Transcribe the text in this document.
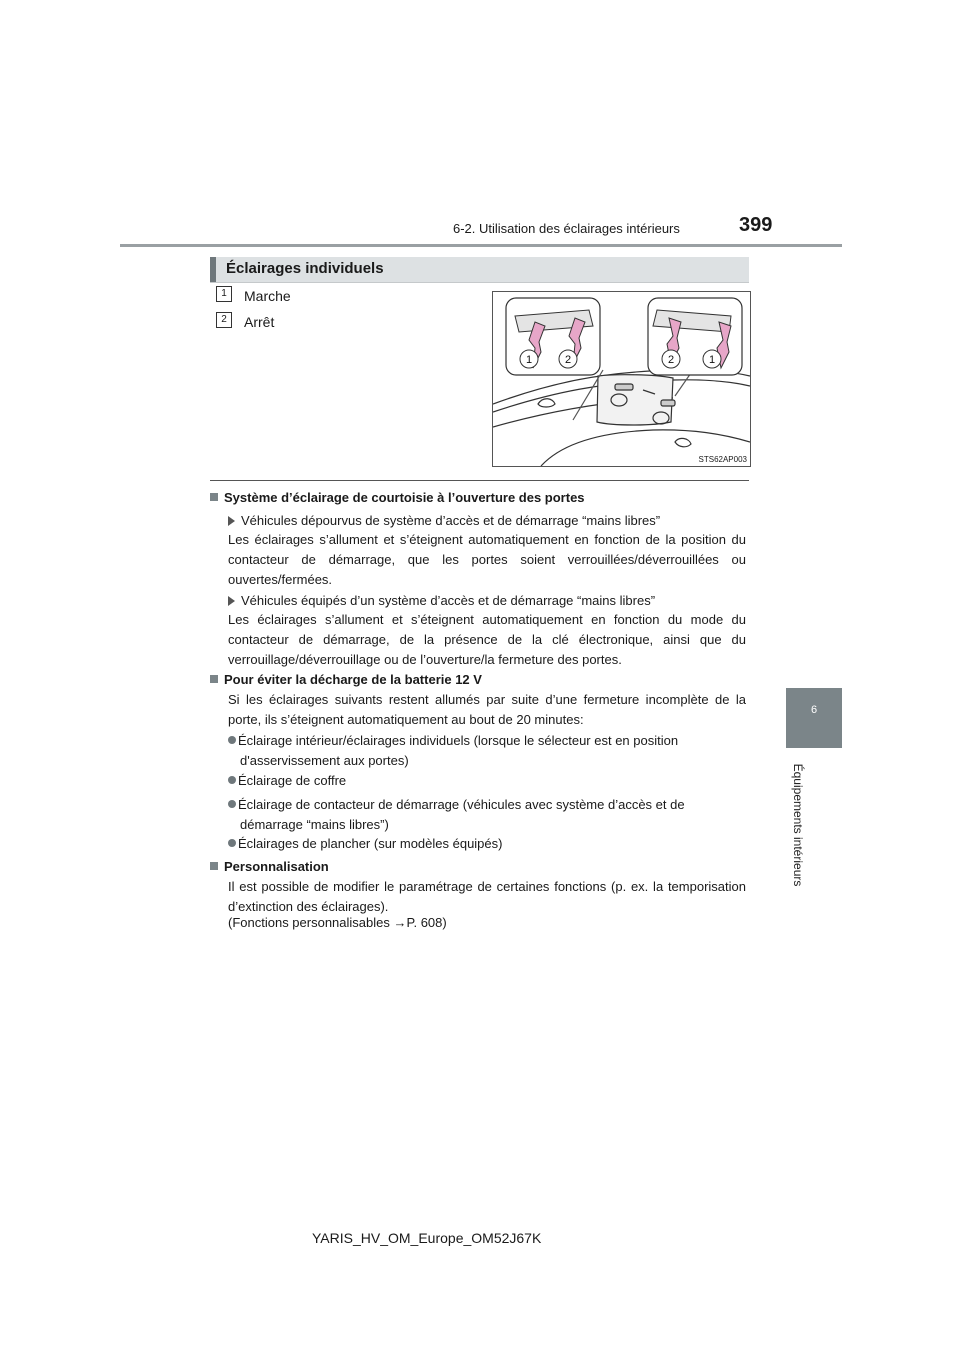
6-2. Utilisation des éclairages intérieurs	399
6
Équipements intérieurs
Éclairages individuels
1	Marche
2	Arrêt
1	2	2	1
STS62AP003
Système d’éclairage de courtoisie à l’ouverture des portes
Véhicules dépourvus de système d’accès et de démarrage “mains libres”
Les éclairages s’allument et s’éteignent automatiquement en fonction de la position du contacteur de démarrage, que les portes soient verrouillées/déverrouillées ou ouvertes/fermées.
Véhicules équipés d’un système d’accès et de démarrage “mains libres”
Les éclairages s’allument et s’éteignent automatiquement en fonction du mode du contacteur de démarrage, de la présence de la clé électronique, ainsi que du verrouillage/déverrouillage ou de l’ouverture/la fermeture des portes.
Pour éviter la décharge de la batterie 12 V
Si les éclairages suivants restent allumés par suite d’une fermeture incomplète de la porte, ils s’éteignent automatiquement au bout de 20 minutes:
Éclairage intérieur/éclairages individuels (lorsque le sélecteur est en position
d'asservissement aux portes)
Éclairage de coffre
Éclairage de contacteur de démarrage (véhicules avec système d’accès et de
démarrage “mains libres”)
Éclairages de plancher (sur modèles équipés)
Personnalisation
Il est possible de modifier le paramétrage de certaines fonctions (p. ex. la temporisation d’extinction des éclairages).
(Fonctions personnalisables →P. 608)
YARIS_HV_OM_Europe_OM52J67K
